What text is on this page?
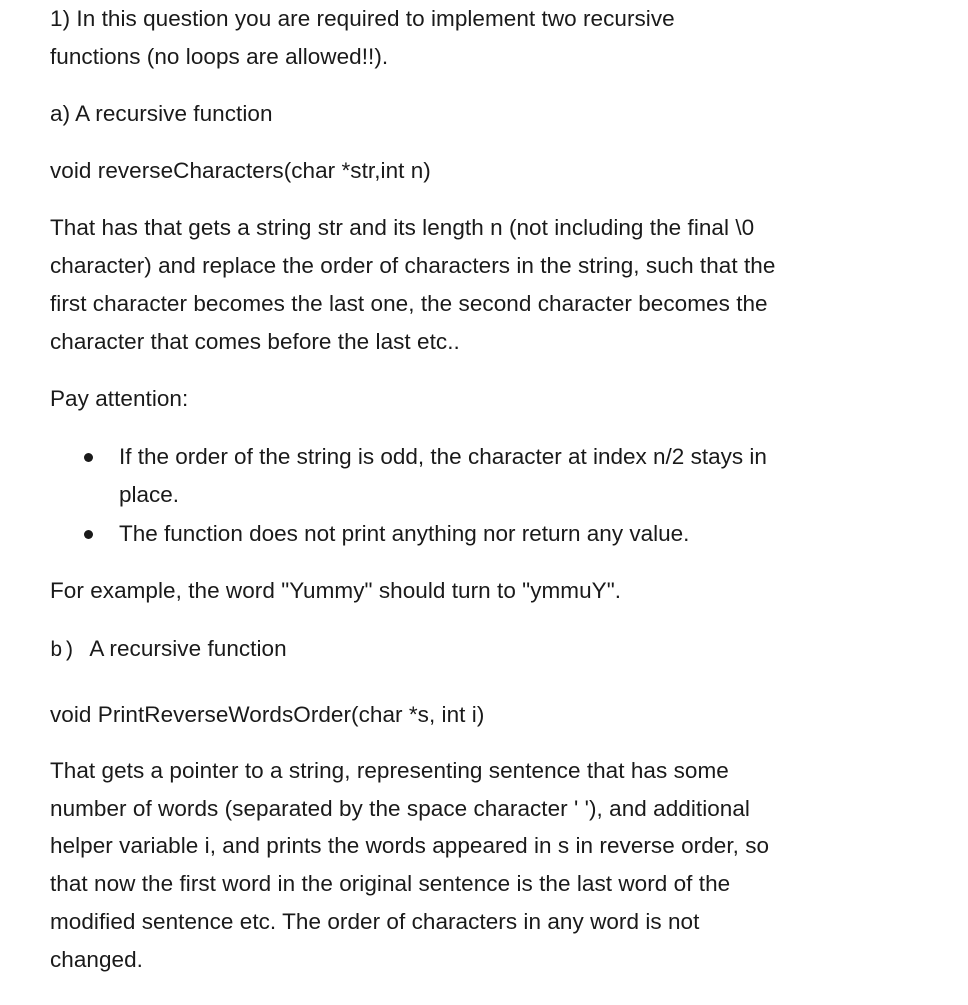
1) In this question you are required to implement two recursive
functions (no loops are allowed!!).
a) A recursive function
void reverseCharacters(char *str,int n)
That has that gets a string str and its length n (not including the final \0
character) and replace the order of characters in the string, such that the
first character becomes the last one, the second character becomes the
character that comes before the last etc..
Pay attention:
If the order of the string is odd, the character at index n/2 stays in
place.
The function does not print anything nor return any value.
For example, the word "Yummy" should turn to "ymmuY".
b) A recursive function
void PrintReverseWordsOrder(char *s, int i)
That gets a pointer to a string, representing sentence that has some
number of words (separated by the space character ' '), and additional
helper variable i, and prints the words appeared in s in reverse order, so
that now the first word in the original sentence is the last word of the
modified sentence etc. The order of characters in any word is not
changed.
